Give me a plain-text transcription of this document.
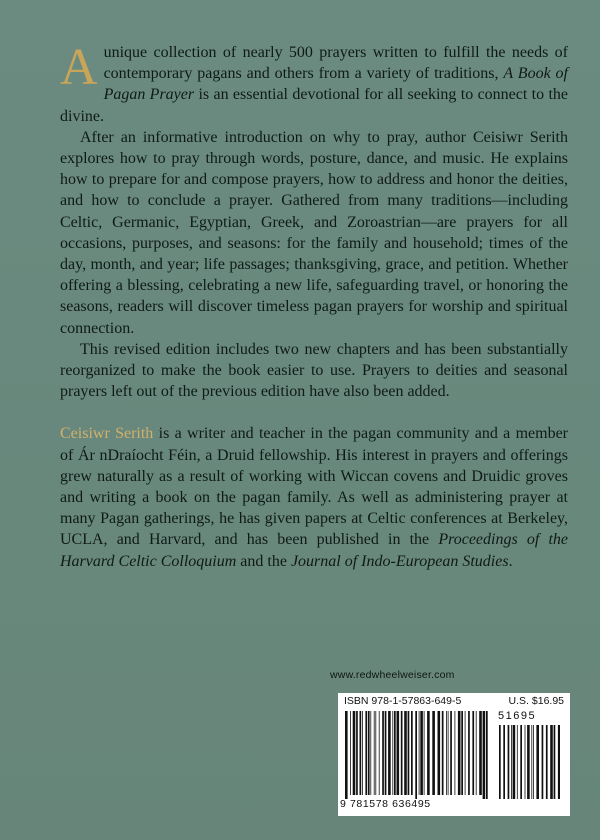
Aunique collection of nearly 500 prayers written to fulfill the needs of contemporary pagans and others from a variety of traditions, A Book of Pagan Prayer is an essential devotional for all seeking to connect to the divine.

After an informative introduction on why to pray, author Ceisiwr Serith explores how to pray through words, posture, dance, and music. He explains how to prepare for and compose prayers, how to address and honor the deities, and how to conclude a prayer. Gathered from many traditions—including Celtic, Germanic, Egyptian, Greek, and Zoroastrian—are prayers for all occasions, purposes, and seasons: for the family and household; times of the day, month, and year; life passages; thanksgiving, grace, and petition. Whether offering a blessing, celebrating a new life, safeguarding travel, or honoring the seasons, readers will discover timeless pagan prayers for worship and spiritual connection.

This revised edition includes two new chapters and has been substantially reorganized to make the book easier to use. Prayers to deities and seasonal prayers left out of the previous edition have also been added.

Ceisiwr Serith is a writer and teacher in the pagan community and a member of Ár nDraíocht Féin, a Druid fellowship. His interest in prayers and offerings grew naturally as a result of working with Wiccan covens and Druidic groves and writing a book on the pagan family. As well as administering prayer at many Pagan gatherings, he has given papers at Celtic conferences at Berkeley, UCLA, and Harvard, and has been published in the Proceedings of the Harvard Celtic Colloquium and the Journal of Indo-European Studies.

www.redwheelweiser.com
ISBN 978-1-57863-649-5	U.S. $16.95
51695
9 781578 636495
